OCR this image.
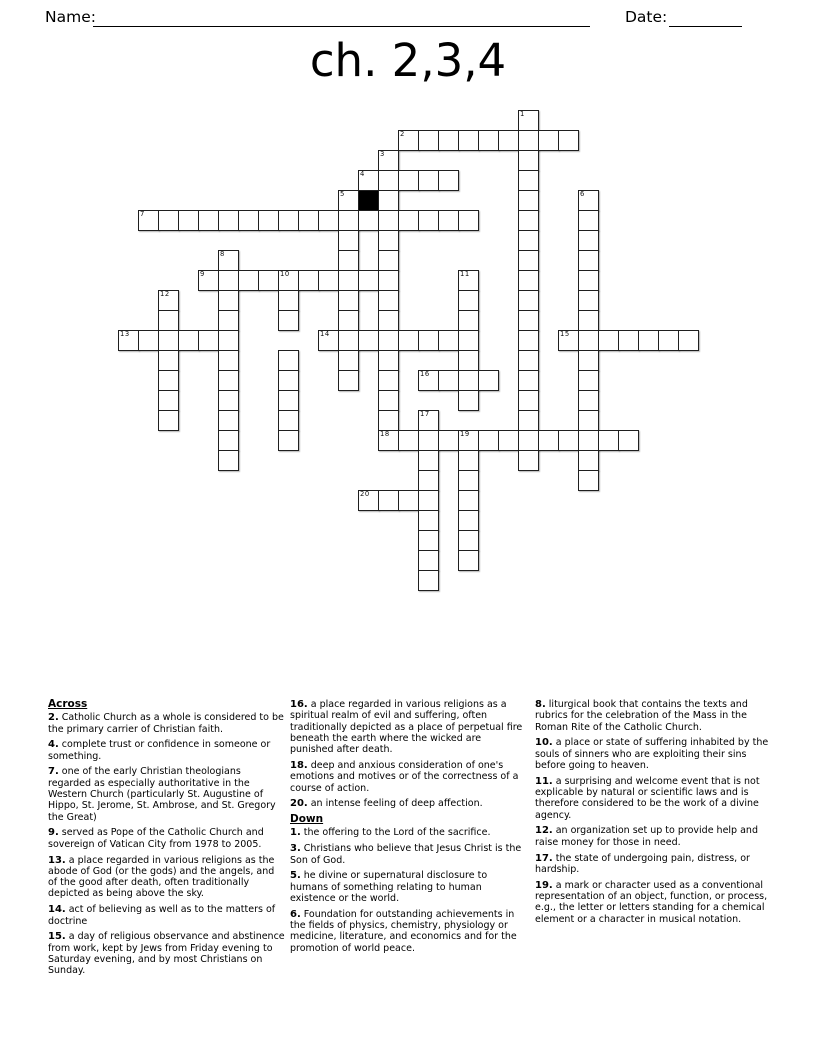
Name:	Date:
ch. 2,3,4
1
2
3
4
5	6
7
8
9	10	11
12
13	14	15
16
17
18	19
20
Across

2. Catholic Church as a whole is considered to be the primary carrier of Christian faith.

4. complete trust or confidence in someone or something.

7. one of the early Christian theologians regarded as especially authoritative in the Western Church (particularly St. Augustine of Hippo, St. Jerome, St. Ambrose, and St. Gregory the Great)

9. served as Pope of the Catholic Church and sovereign of Vatican City from 1978 to 2005.

13. a place regarded in various religions as the abode of God (or the gods) and the angels, and of the good after death, often traditionally depicted as being above the sky.

14. act of believing as well as to the matters of doctrine

15. a day of religious observance and abstinence from work, kept by Jews from Friday evening to Saturday evening, and by most Christians on Sunday.

16. a place regarded in various religions as a spiritual realm of evil and suffering, often traditionally depicted as a place of perpetual fire beneath the earth where the wicked are punished after death.

18. deep and anxious consideration of one's emotions and motives or of the correctness of a course of action.

20. an intense feeling of deep affection.

Down

1. the offering to the Lord of the sacrifice.

3. Christians who believe that Jesus Christ is the Son of God.

5. he divine or supernatural disclosure to humans of something relating to human existence or the world.

6. Foundation for outstanding achievements in the fields of physics, chemistry, physiology or medicine, literature, and economics and for the promotion of world peace.

8. liturgical book that contains the texts and rubrics for the celebration of the Mass in the Roman Rite of the Catholic Church.

10. a place or state of suffering inhabited by the souls of sinners who are exploiting their sins before going to heaven.

11. a surprising and welcome event that is not explicable by natural or scientific laws and is therefore considered to be the work of a divine agency.

12. an organization set up to provide help and raise money for those in need.

17. the state of undergoing pain, distress, or hardship.

19. a mark or character used as a conventional representation of an object, function, or process, e.g., the letter or letters standing for a chemical element or a character in musical notation.
